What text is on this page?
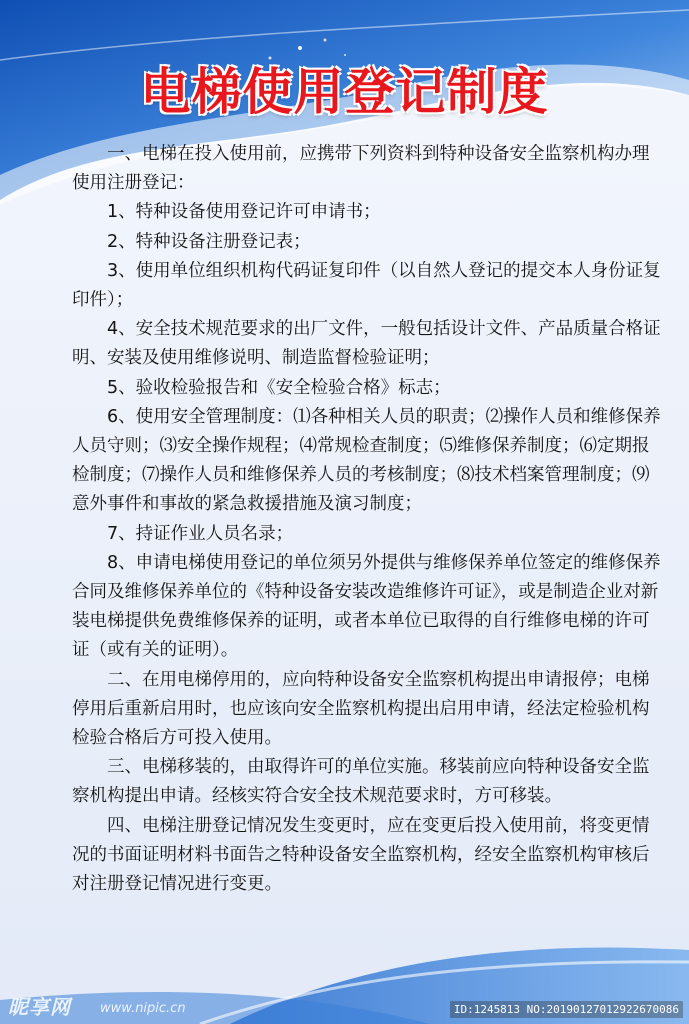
电梯使用登记制度

一、电梯在投入使用前，应携带下列资料到特种设备安全监察机构办理使用注册登记：

1、特种设备使用登记许可申请书；

2、特种设备注册登记表；

3、使用单位组织机构代码证复印件（以自然人登记的提交本人身份证复印件）；

4、安全技术规范要求的出厂文件，一般包括设计文件、产品质量合格证明、安装及使用维修说明、制造监督检验证明；

5、验收检验报告和《安全检验合格》标志；

6、使用安全管理制度：⑴各种相关人员的职责；⑵操作人员和维修保养人员守则；⑶安全操作规程；⑷常规检查制度；⑸维修保养制度；⑹定期报检制度；⑺操作人员和维修保养人员的考核制度；⑻技术档案管理制度；⑼意外事件和事故的紧急救援措施及演习制度；

7、持证作业人员名录；

8、申请电梯使用登记的单位须另外提供与维修保养单位签定的维修保养合同及维修保养单位的《特种设备安装改造维修许可证》，或是制造企业对新装电梯提供免费维修保养的证明，或者本单位已取得的自行维修电梯的许可证（或有关的证明）。

二、在用电梯停用的，应向特种设备安全监察机构提出申请报停；电梯停用后重新启用时，也应该向安全监察机构提出启用申请，经法定检验机构检验合格后方可投入使用。

三、电梯移装的，由取得许可的单位实施。移装前应向特种设备安全监察机构提出申请。经核实符合安全技术规范要求时，方可移装。

四、电梯注册登记情况发生变更时，应在变更后投入使用前，将变更情况的书面证明材料书面告之特种设备安全监察机构，经安全监察机构审核后对注册登记情况进行变更。

昵享网 www.nipic.cn	ID:1245813 NO:20190127012922670086
